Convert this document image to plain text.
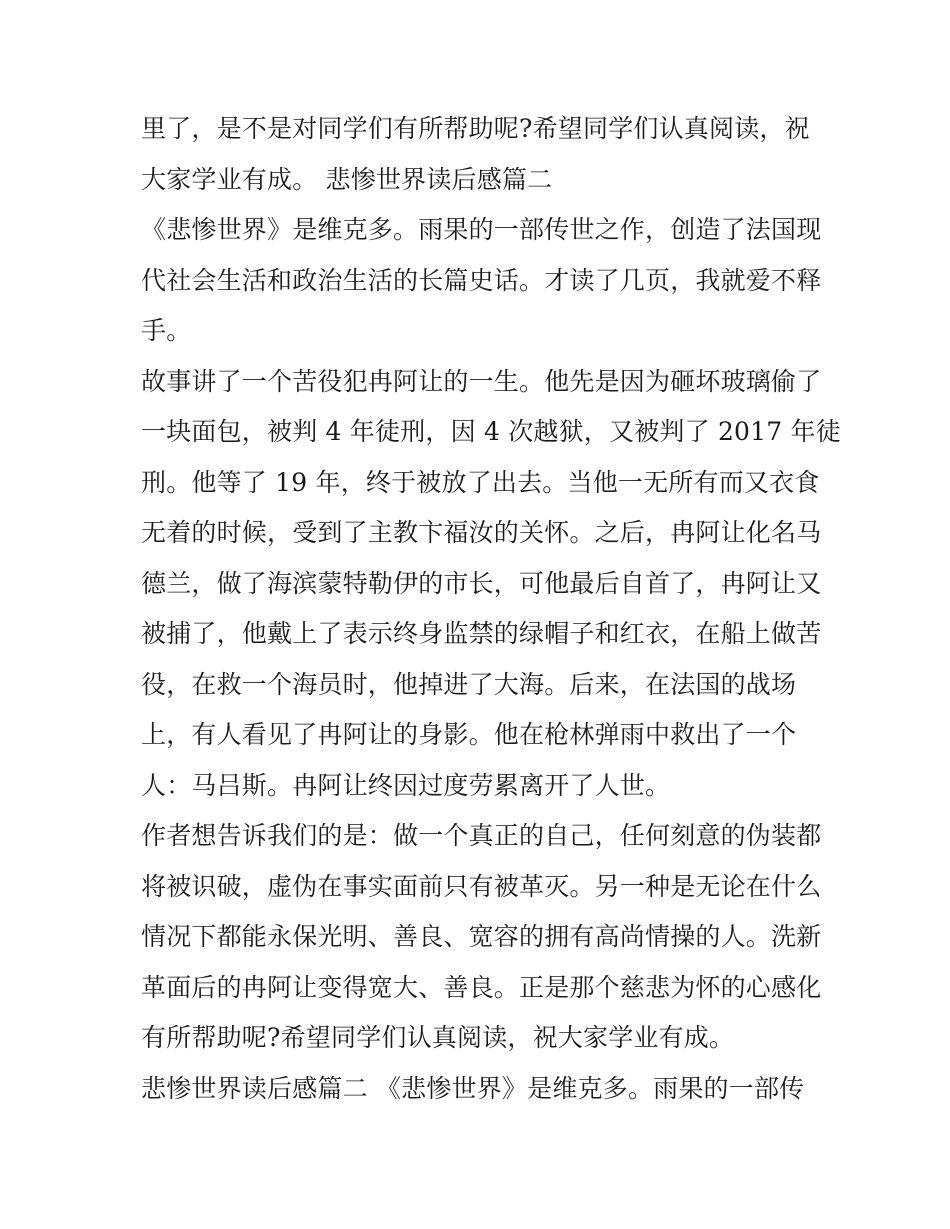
里了，是不是对同学们有所帮助呢?希望同学们认真阅读，祝
大家学业有成。 悲惨世界读后感篇二
《悲惨世界》是维克多。雨果的一部传世之作，创造了法国现
代社会生活和政治生活的长篇史话。才读了几页，我就爱不释
手。
故事讲了一个苦役犯冉阿让的一生。他先是因为砸坏玻璃偷了
一块面包，被判 4 年徒刑，因 4 次越狱，又被判了 2017 年徒
刑。他等了 19 年，终于被放了出去。当他一无所有而又衣食
无着的时候，受到了主教卞福汝的关怀。之后，冉阿让化名马
德兰，做了海滨蒙特勒伊的市长，可他最后自首了，冉阿让又
被捕了，他戴上了表示终身监禁的绿帽子和红衣，在船上做苦
役，在救一个海员时，他掉进了大海。后来，在法国的战场
上，有人看见了冉阿让的身影。他在枪林弹雨中救出了一个
人：马吕斯。冉阿让终因过度劳累离开了人世。
作者想告诉我们的是：做一个真正的自己，任何刻意的伪装都
将被识破，虚伪在事实面前只有被革灭。另一种是无论在什么
情况下都能永保光明、善良、宽容的拥有高尚情操的人。洗新
革面后的冉阿让变得宽大、善良。正是那个慈悲为怀的心感化
有所帮助呢?希望同学们认真阅读，祝大家学业有成。
悲惨世界读后感篇二 《悲惨世界》是维克多。雨果的一部传
